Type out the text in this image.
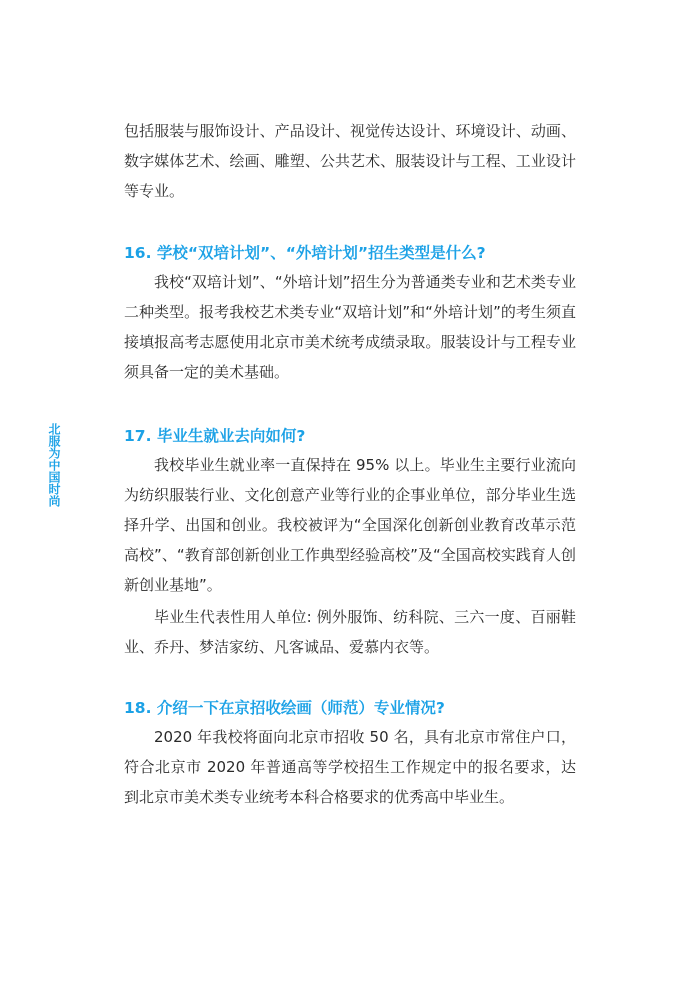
北服为中国时尚

包括服装与服饰设计、产品设计、视觉传达设计、环境设计、动画、数字媒体艺术、绘画、雕塑、公共艺术、服装设计与工程、工业设计等专业。

16. 学校“双培计划”、“外培计划”招生类型是什么?

我校“双培计划”、“外培计划”招生分为普通类专业和艺术类专业二种类型。报考我校艺术类专业“双培计划”和“外培计划”的考生须直接填报高考志愿使用北京市美术统考成绩录取。服装设计与工程专业须具备一定的美术基础。

17. 毕业生就业去向如何?

我校毕业生就业率一直保持在 95% 以上。毕业生主要行业流向为纺织服装行业、文化创意产业等行业的企事业单位，部分毕业生选择升学、出国和创业。我校被评为“全国深化创新创业教育改革示范高校”、“教育部创新创业工作典型经验高校”及“全国高校实践育人创新创业基地”。

毕业生代表性用人单位: 例外服饰、纺科院、三六一度、百丽鞋业、乔丹、梦洁家纺、凡客诚品、爱慕内衣等。

18. 介绍一下在京招收绘画（师范）专业情况?

2020 年我校将面向北京市招收 50 名，具有北京市常住户口，符合北京市 2020 年普通高等学校招生工作规定中的报名要求，达到北京市美术类专业统考本科合格要求的优秀高中毕业生。
